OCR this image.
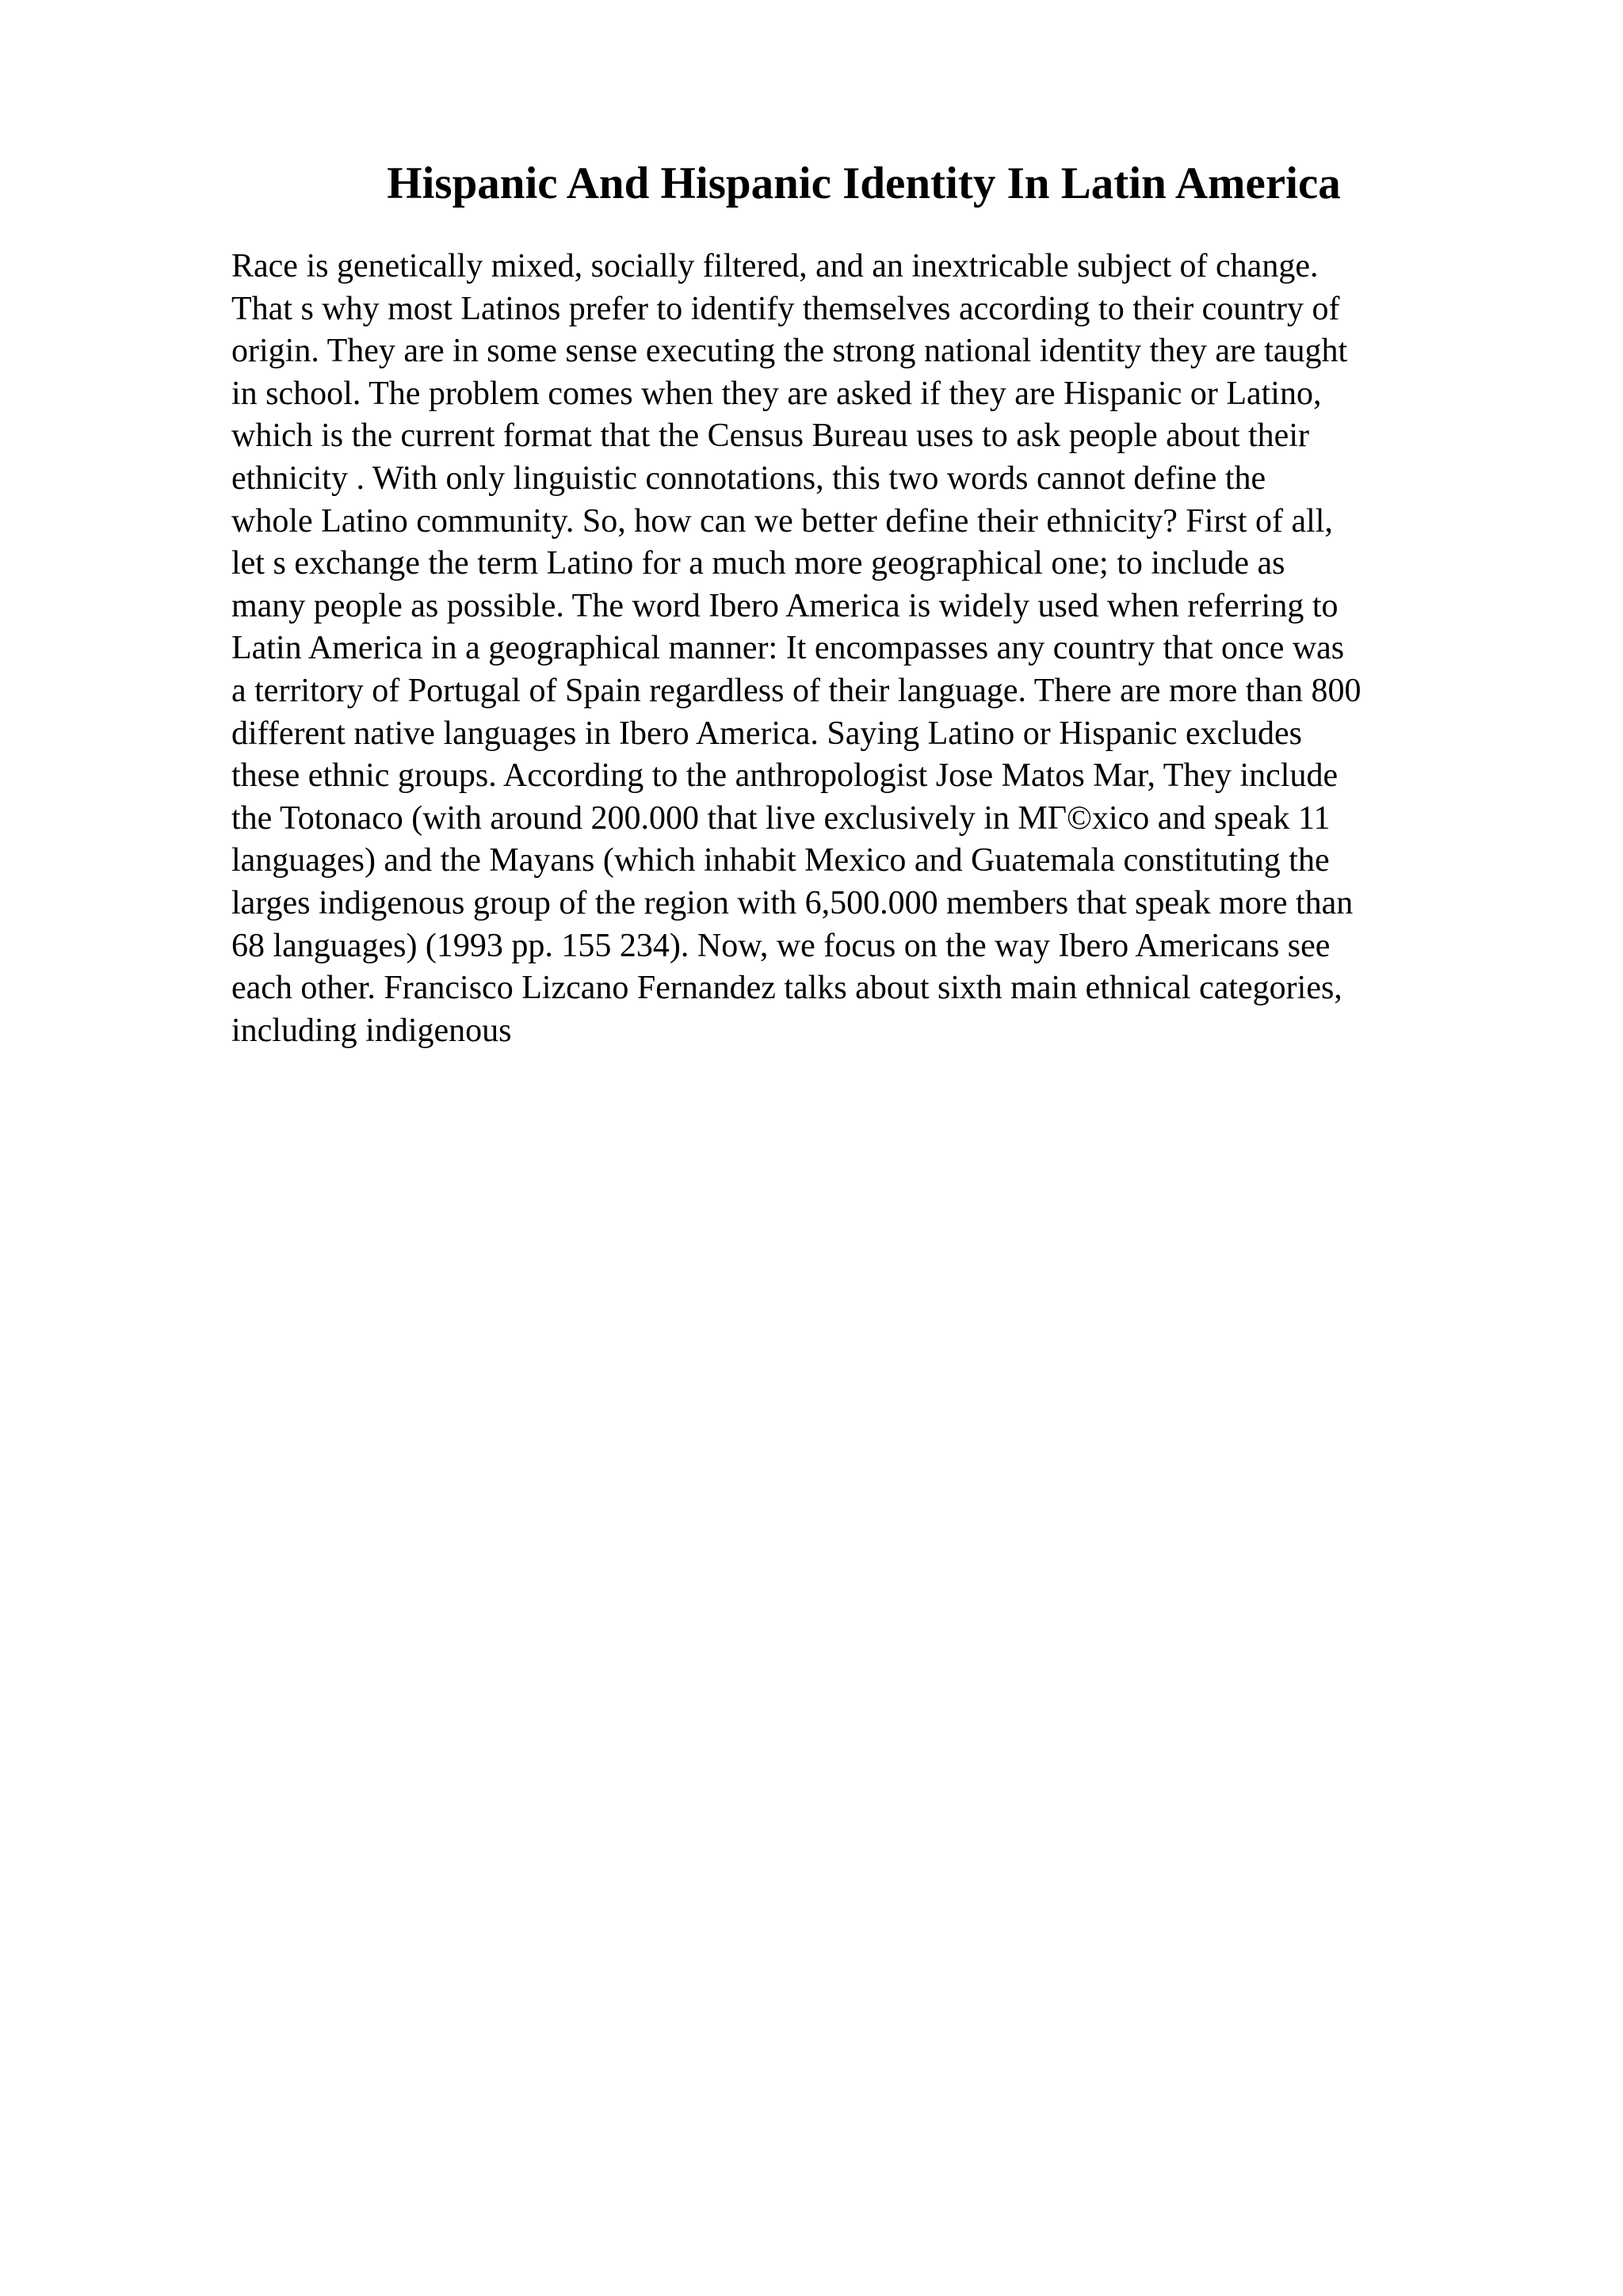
Hispanic And Hispanic Identity In Latin America
Race is genetically mixed, socially filtered, and an inextricable subject of change.
That s why most Latinos prefer to identify themselves according to their country of
origin. They are in some sense executing the strong national identity they are taught
in school. The problem comes when they are asked if they are Hispanic or Latino,
which is the current format that the Census Bureau uses to ask people about their
ethnicity . With only linguistic connotations, this two words cannot define the
whole Latino community. So, how can we better define their ethnicity? First of all,
let s exchange the term Latino for a much more geographical one; to include as
many people as possible. The word Ibero America is widely used when referring to
Latin America in a geographical manner: It encompasses any country that once was
a territory of Portugal of Spain regardless of their language. There are more than 800
different native languages in Ibero America. Saying Latino or Hispanic excludes
these ethnic groups. According to the anthropologist Jose Matos Mar, They include
the Totonaco (with around 200.000 that live exclusively in MГ©xico and speak 11
languages) and the Mayans (which inhabit Mexico and Guatemala constituting the
larges indigenous group of the region with 6,500.000 members that speak more than
68 languages) (1993 pp. 155 234). Now, we focus on the way Ibero Americans see
each other. Francisco Lizcano Fernandez talks about sixth main ethnical categories,
including indigenous
